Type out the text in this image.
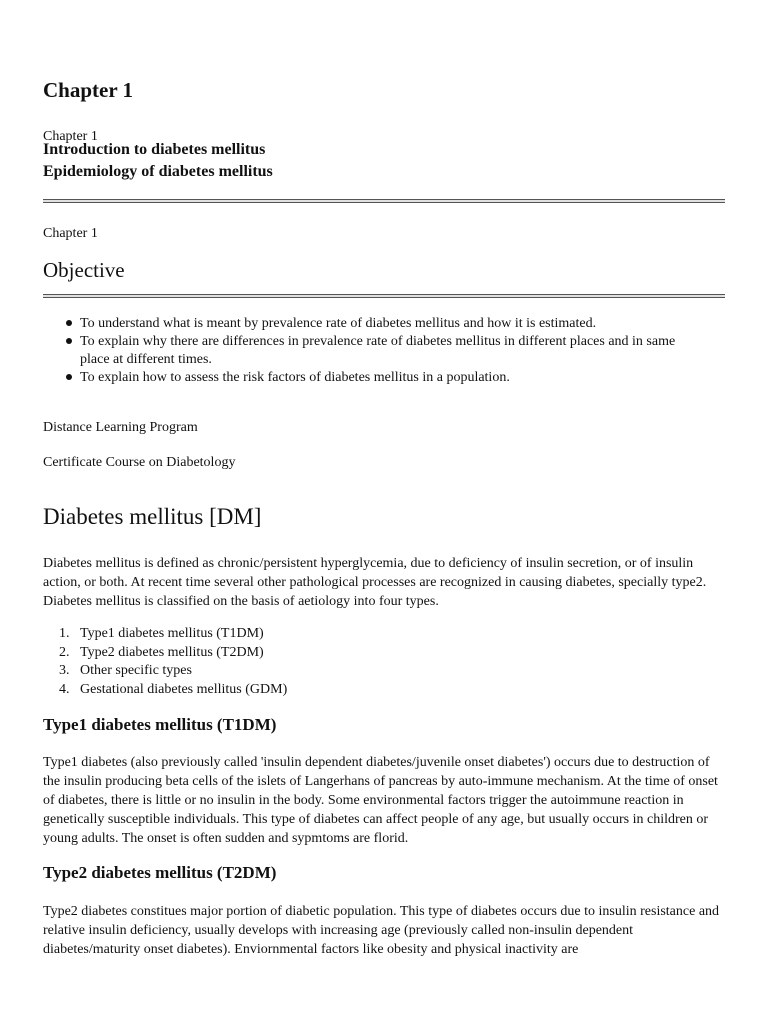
Chapter 1
Chapter 1
Introduction to diabetes mellitus
Epidemiology of diabetes mellitus
Chapter 1
Objective
To understand what is meant by prevalence rate of diabetes mellitus and how it is estimated.
To explain why there are differences in prevalence rate of diabetes mellitus in different places and in same place at different times.
To explain how to assess the risk factors of diabetes mellitus in a population.
Distance Learning Program
Certificate Course on Diabetology
Diabetes mellitus [DM]

Diabetes mellitus is defined as chronic/persistent hyperglycemia, due to deficiency of insulin secretion, or of insulin action, or both. At recent time several other pathological processes are recognized in causing diabetes, specially type2. Diabetes mellitus is classified on the basis of aetiology into four types.

1. Type1 diabetes mellitus (T1DM)
2. Type2 diabetes mellitus (T2DM)
3. Other specific types
4. Gestational diabetes mellitus (GDM)
Type1 diabetes mellitus (T1DM)

Type1 diabetes (also previously called 'insulin dependent diabetes/juvenile onset diabetes') occurs due to destruction of the insulin producing beta cells of the islets of Langerhans of pancreas by auto-immune mechanism. At the time of onset of diabetes, there is little or no insulin in the body. Some environmental factors trigger the autoimmune reaction in genetically susceptible individuals. This type of diabetes can affect people of any age, but usually occurs in children or young adults. The onset is often sudden and sypmtoms are florid.

Type2 diabetes mellitus (T2DM)

Type2 diabetes constitues major portion of diabetic population. This type of diabetes occurs due to insulin resistance and relative insulin deficiency, usually develops with increasing age (previously called non-insulin dependent diabetes/maturity onset diabetes). Enviornmental factors like obesity and physical inactivity are
